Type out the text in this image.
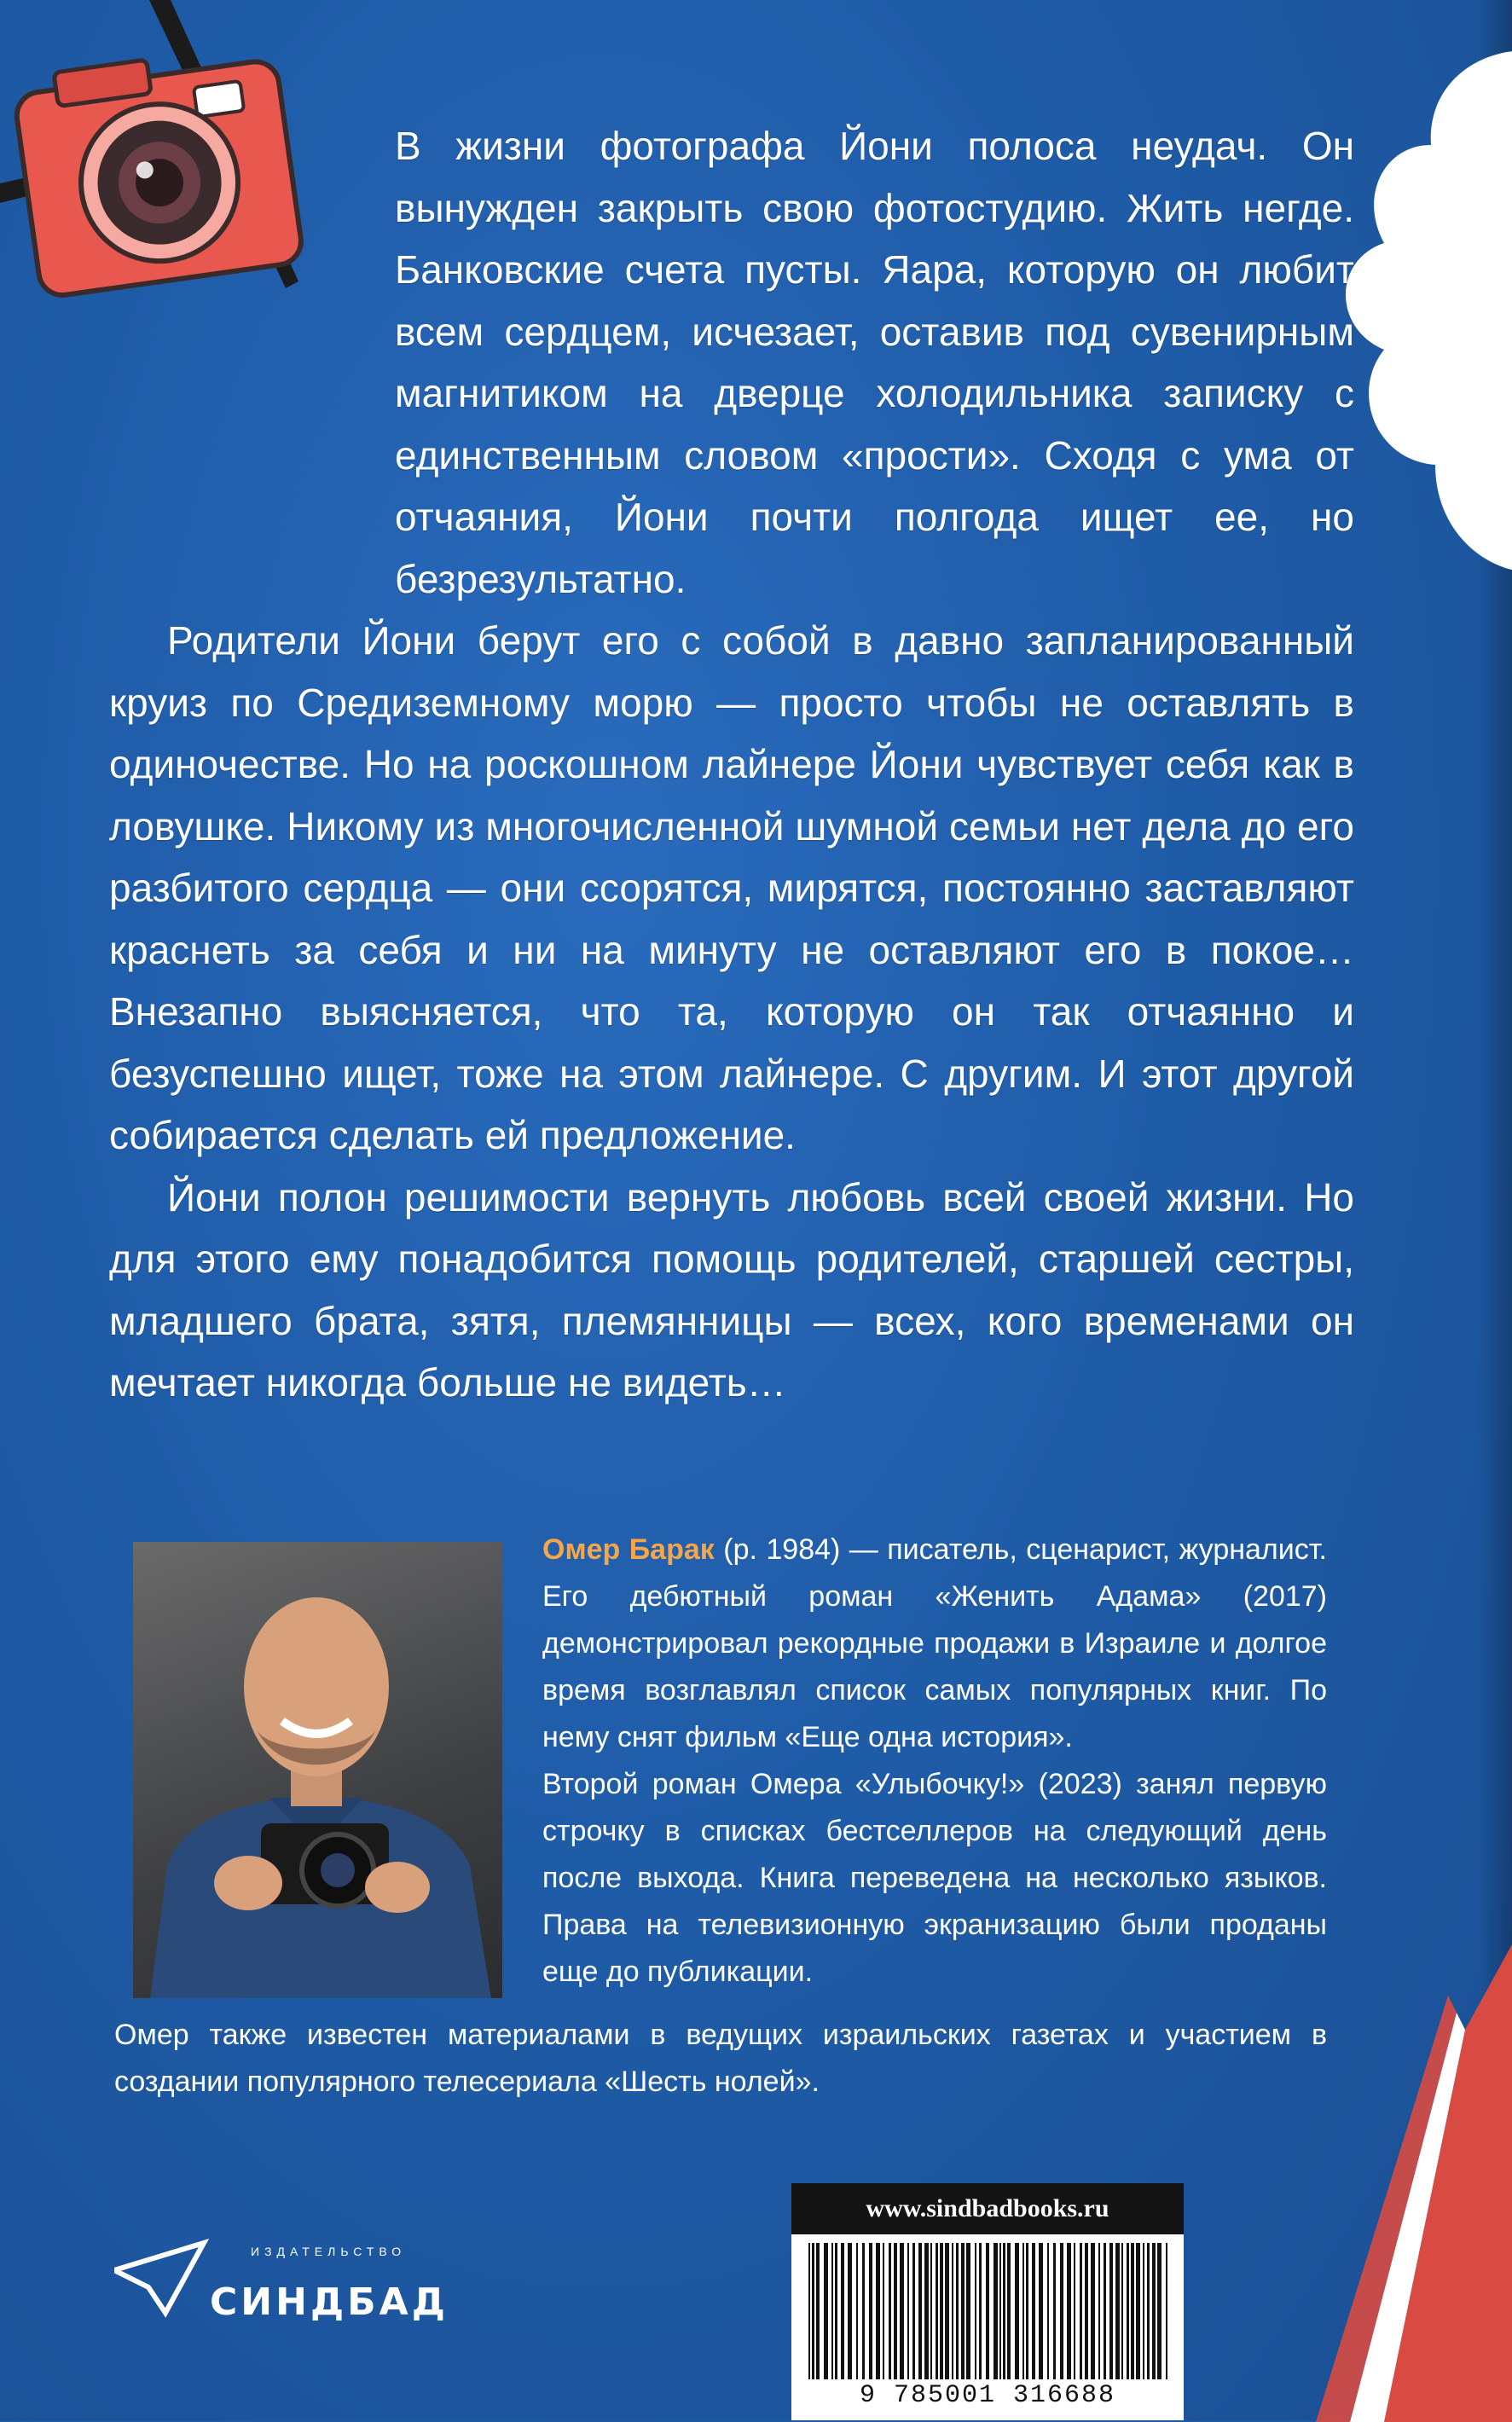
В жизни фотографа Йони полоса неудач. Он вынужден закрыть свою фотостудию. Жить негде. Банковские счета пусты. Яара, которую он любит всем сердцем, исчезает, оставив под сувенирным магнитиком на дверце холодильника записку с единственным словом «прости». Сходя с ума от отчаяния, Йони почти полгода ищет ее, но безрезультатно.

Родители Йони берут его с собой в давно запланированный круиз по Средиземному морю — просто чтобы не оставлять в одиночестве. Но на роскошном лайнере Йони чувствует себя как в ловушке. Никому из многочисленной шумной семьи нет дела до его разбитого сердца — они ссорятся, мирятся, постоянно заставляют краснеть за себя и ни на минуту не оставляют его в покое… Внезапно выясняется, что та, которую он так отчаянно и безуспешно ищет, тоже на этом лайнере. С другим. И этот другой собирается сделать ей предложение.

Йони полон решимости вернуть любовь всей своей жизни. Но для этого ему понадобится помощь родителей, старшей сестры, младшего брата, зятя, племянницы — всех, кого временами он мечтает никогда больше не видеть…

Омер Барак (р. 1984) — писатель, сценарист, журналист. Его дебютный роман «Женить Адама» (2017) демонстрировал рекордные продажи в Израиле и долгое время возглавлял список самых популярных книг. По нему снят фильм «Еще одна история».

Второй роман Омера «Улыбочку!» (2023) занял первую строчку в списках бестселлеров на следующий день после выхода. Книга переведена на несколько языков. Права на телевизионную экранизацию были проданы еще до публикации.

Омер также известен материалами в ведущих израильских газетах и участием в создании популярного телесериала «Шесть нолей».

ИЗДАТЕЛЬСТВО
СИНДБАД
www.sindbadbooks.ru
9 785001 316688
